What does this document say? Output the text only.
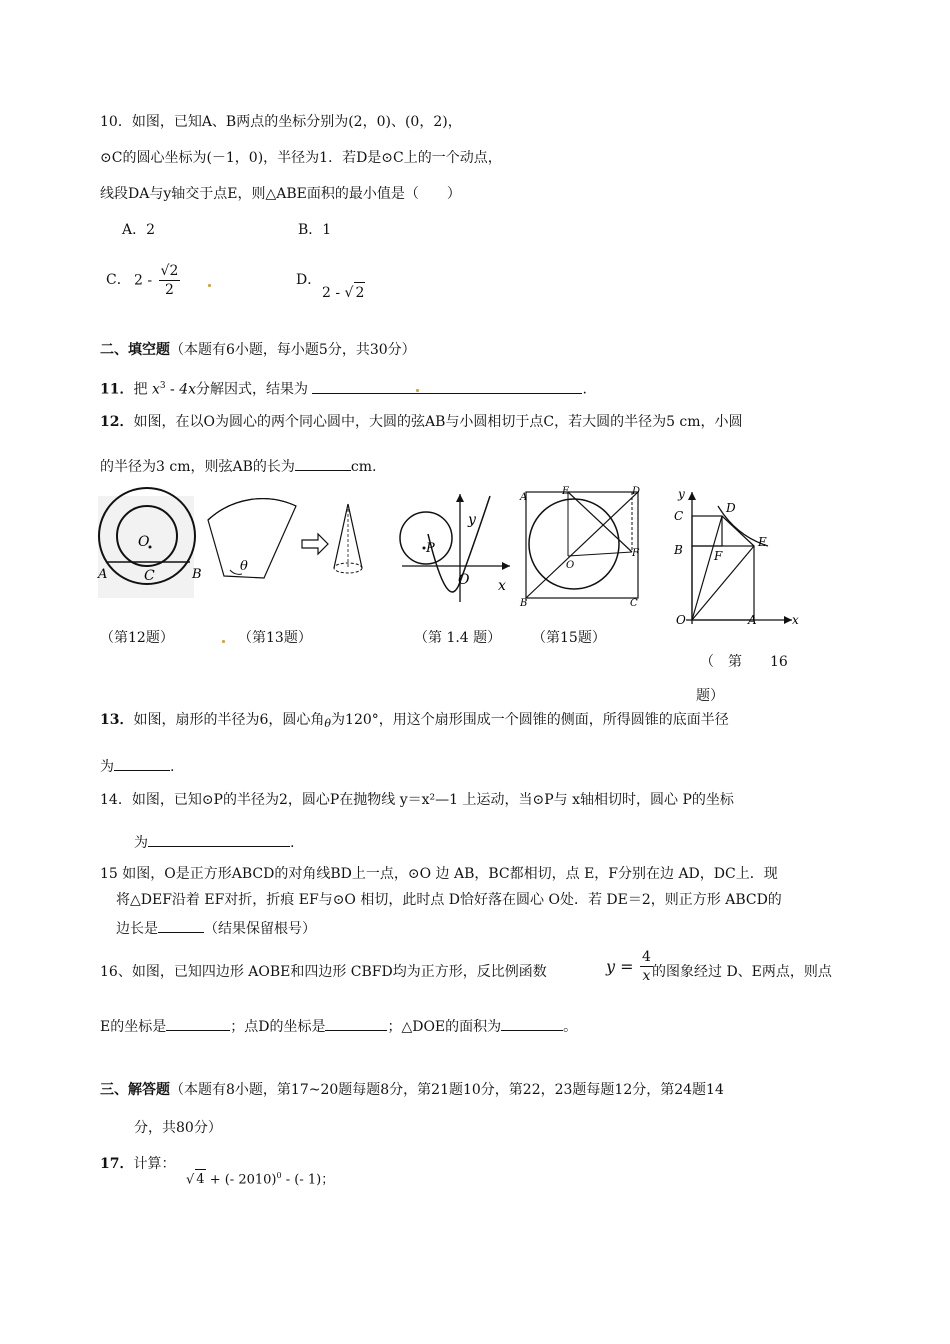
10．如图，已知A、B两点的坐标分别为(2，0)、(0，2)，
⊙C的圆心坐标为(－1，0)，半径为1．若D是⊙C上的一个动点，
线段DA与y轴交于点E，则△ABE面积的最小值是（　　）
A．2	B．1
C． $2 - \frac{√2}{2}$	D．
2 - √ 2
二、填空题（本题有6小题，每小题5分，共30分）
11．把 $x^3 - 4x$分解因式，结果为	.
12．如图，在以O为圆心的两个同心圆中，大圆的弦AB与小圆相切于点C，若大圆的半径为5 cm，小圆
的半径为3 cm，则弦AB的长为	cm.
O
A	C	B
θ
P
y
O x
A
E	D
O
F
B	C
y
C
D
B	F
E
O	A	x
（第12题）	（第13题）	（第 1.4 题） （第15题）
（　第　　16
题）
13．如图，扇形的半径为6，圆心角$_\theta$为120°，用这个扇形围成一个圆锥的侧面，所得圆锥的底面半径
为	.
14．如图，已知⊙P的半径为2，圆心P在抛物线 y＝x²—1 上运动，当⊙P与 x轴相切时，圆心 P的坐标
为	.
15 如图，O是正方形ABCD的对角线BD上一点，⊙O 边 AB，BC都相切，点 E，F分别在边 AD，DC上．现
将△DEF沿着 EF对折，折痕 EF与⊙O 相切，此时点 D恰好落在圆心 O处．若 DE＝2，则正方形 ABCD的
边长是	（结果保留根号）
16、如图，已知四边形 AOBE和四边形 CBFD均为正方形，反比例函数	$y = \frac{4}{x}$ 的图象经过 D、E两点，则点
E的坐标是	；点D的坐标是	；△DOE的面积为	。
三、解答题（本题有8小题，第17~20题每题8分，第21题10分，第22，23题每题12分，第24题14
分，共80分）
17．计算：
√ 4 + (- 2010)$^0$ - (- 1)；
